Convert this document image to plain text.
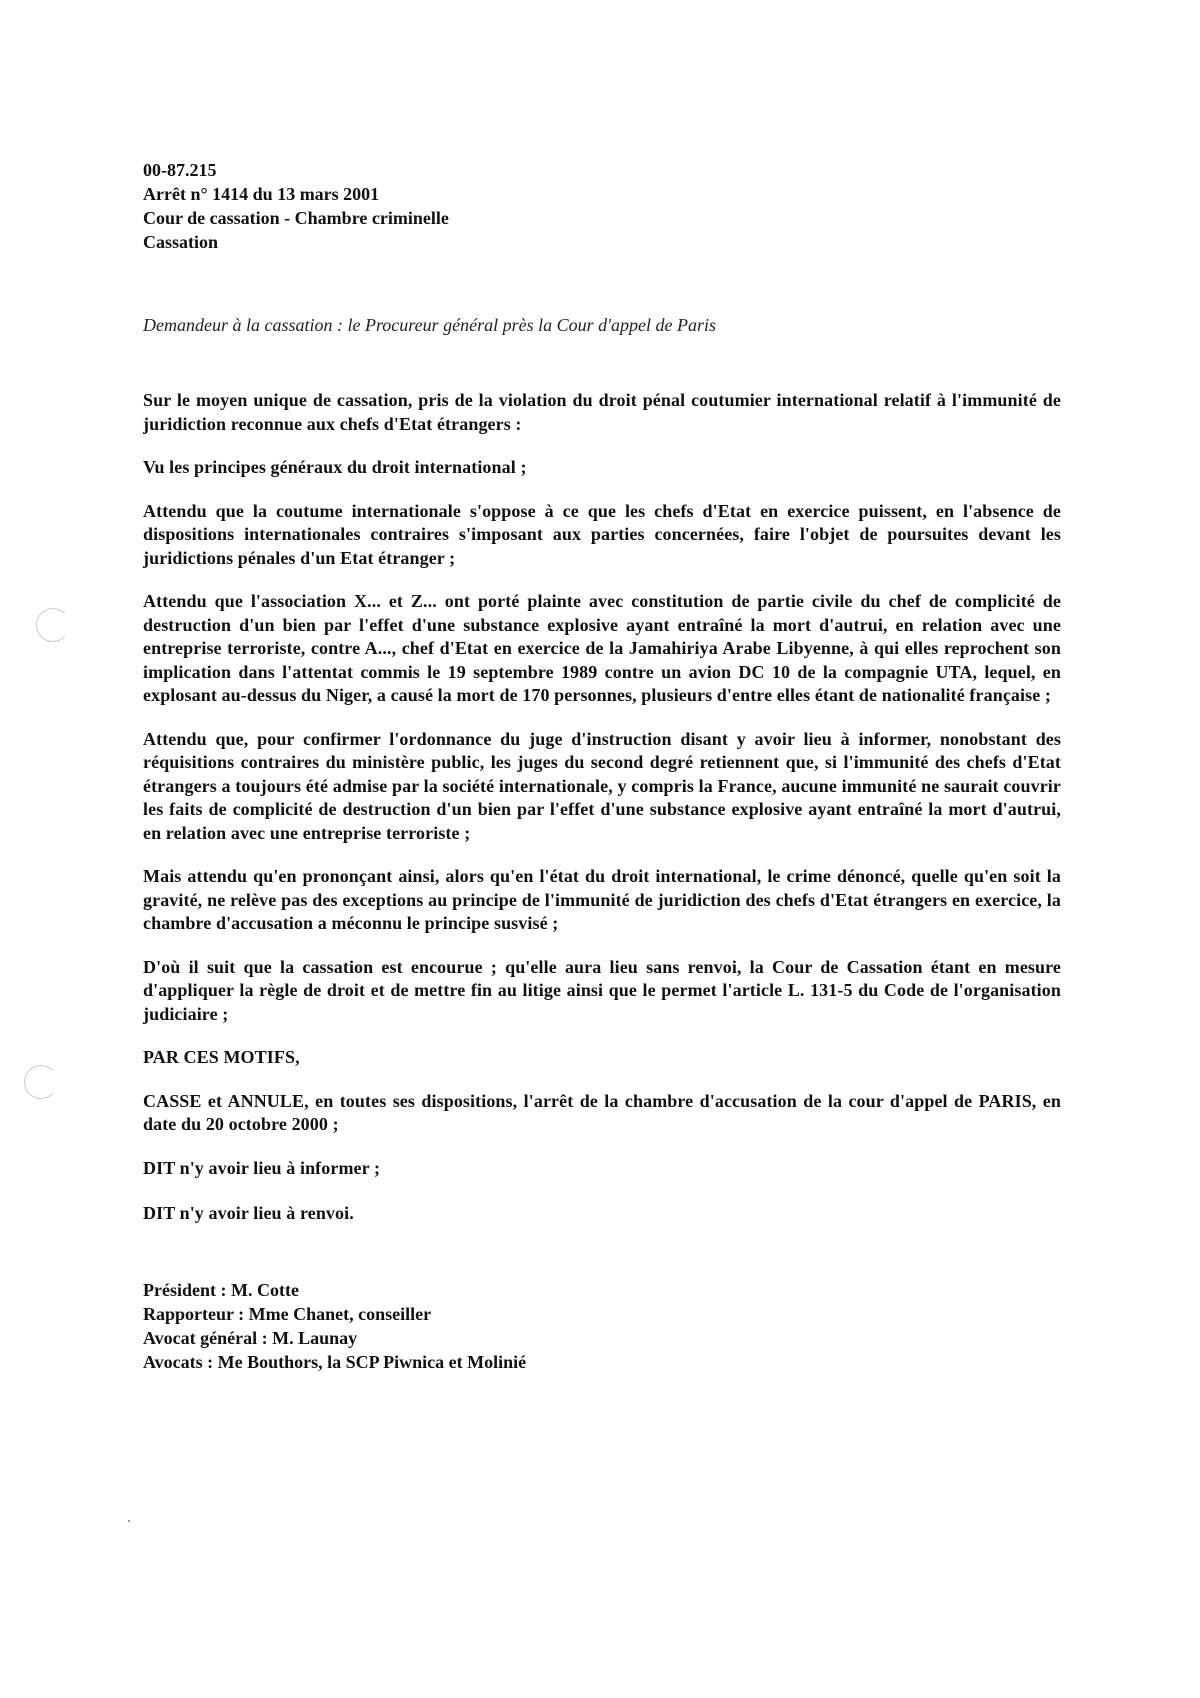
00-87.215
Arrêt n° 1414 du 13 mars 2001
Cour de cassation - Chambre criminelle
Cassation
Demandeur à la cassation : le Procureur général près la Cour d'appel de Paris

Sur le moyen unique de cassation, pris de la violation du droit pénal coutumier international relatif à l'immunité de juridiction reconnue aux chefs d'Etat étrangers :

Vu les principes généraux du droit international ;

Attendu que la coutume internationale s'oppose à ce que les chefs d'Etat en exercice puissent, en l'absence de dispositions internationales contraires s'imposant aux parties concernées, faire l'objet de poursuites devant les juridictions pénales d'un Etat étranger ;

Attendu que l'association X... et Z... ont porté plainte avec constitution de partie civile du chef de complicité de destruction d'un bien par l'effet d'une substance explosive ayant entraîné la mort d'autrui, en relation avec une entreprise terroriste, contre A..., chef d'Etat en exercice de la Jamahiriya Arabe Libyenne, à qui elles reprochent son implication dans l'attentat commis le 19 septembre 1989 contre un avion DC 10 de la compagnie UTA, lequel, en explosant au-dessus du Niger, a causé la mort de 170 personnes, plusieurs d'entre elles étant de nationalité française ;

Attendu que, pour confirmer l'ordonnance du juge d'instruction disant y avoir lieu à informer, nonobstant des réquisitions contraires du ministère public, les juges du second degré retiennent que, si l'immunité des chefs d'Etat étrangers a toujours été admise par la société internationale, y compris la France, aucune immunité ne saurait couvrir les faits de complicité de destruction d'un bien par l'effet d'une substance explosive ayant entraîné la mort d'autrui, en relation avec une entreprise terroriste ;

Mais attendu qu'en prononçant ainsi, alors qu'en l'état du droit international, le crime dénoncé, quelle qu'en soit la gravité, ne relève pas des exceptions au principe de l'immunité de juridiction des chefs d'Etat étrangers en exercice, la chambre d'accusation a méconnu le principe susvisé ;

D'où il suit que la cassation est encourue ; qu'elle aura lieu sans renvoi, la Cour de Cassation étant en mesure d'appliquer la règle de droit et de mettre fin au litige ainsi que le permet l'article L. 131-5 du Code de l'organisation judiciaire ;

PAR CES MOTIFS,

CASSE et ANNULE, en toutes ses dispositions, l'arrêt de la chambre d'accusation de la cour d'appel de PARIS, en date du 20 octobre 2000 ;

DIT n'y avoir lieu à informer ;

DIT n'y avoir lieu à renvoi.

Président : M. Cotte
Rapporteur : Mme Chanet, conseiller
Avocat général : M. Launay
Avocats : Me Bouthors, la SCP Piwnica et Molinié
